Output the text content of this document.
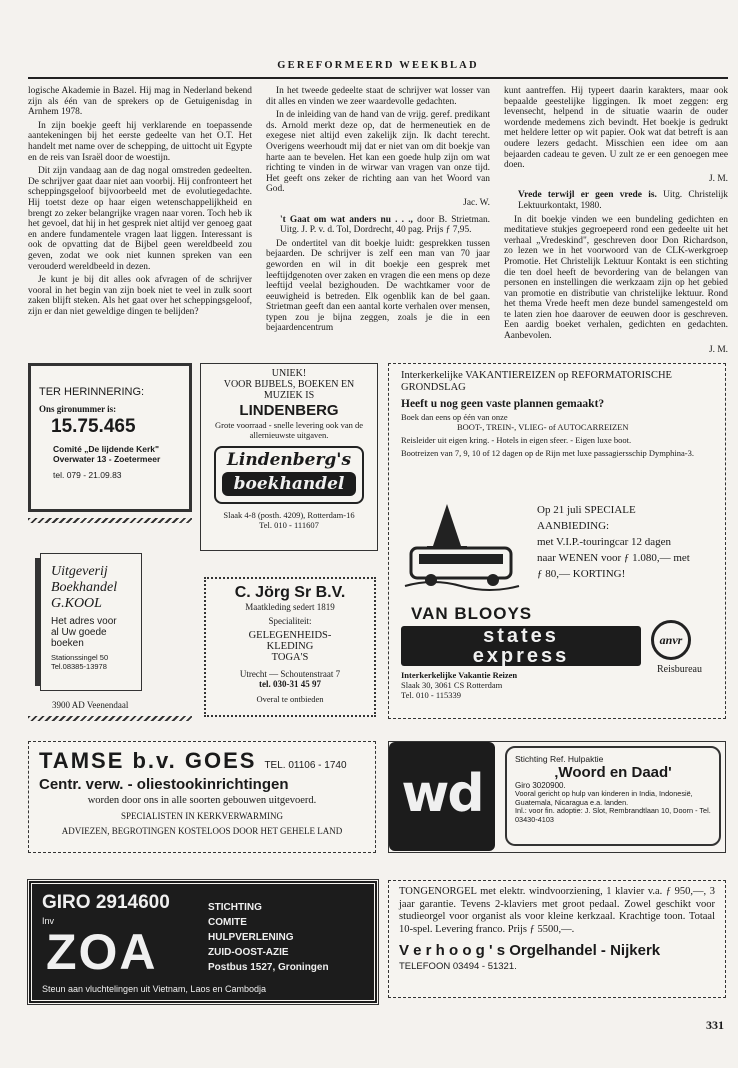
GEREFORMEERD WEEKBLAD

logische Akademie in Bazel. Hij mag in Nederland bekend zijn als één van de sprekers op de Getuigenisdag in Arnhem 1978.

In zijn boekje geeft hij verklarende en toepassende aantekeningen bij het eerste gedeelte van het O.T. Het handelt met name over de schepping, de uittocht uit Egypte en de reis van Israël door de woestijn.

Dit zijn vandaag aan de dag nogal omstreden gedeelten. De schrijver gaat daar niet aan voorbij. Hij confronteert het scheppingsgeloof bijvoorbeeld met de evolutiegedachte. Hij toetst deze op haar eigen wetenschappelijkheid en brengt zo zeker belangrijke vragen naar voren. Toch heb ik het gevoel, dat hij in het gesprek niet altijd ver genoeg gaat en andere fundamentele vragen laat liggen. Interessant is ook de opvatting dat de Bijbel geen wereldbeeld zou geven, zodat we ook niet kunnen spreken van een verouderd wereldbeeld in dezen.

Je kunt je bij dit alles ook afvragen of de schrijver vooral in het begin van zijn boek niet te veel in zulk soort zaken blijft steken. Als het gaat over het scheppingsgeloof, zijn er dan niet geweldige dingen te belijden?

In het tweede gedeelte staat de schrijver wat losser van dit alles en vinden we zeer waardevolle gedachten.

In de inleiding van de hand van de vrijg. geref. predikant ds. Arnold merkt deze op, dat de hermeneutiek en de exegese niet altijd even zakelijk zijn. Ik dacht terecht. Overigens weerhoudt mij dat er niet van om dit boekje van harte aan te bevelen. Het kan een goede hulp zijn om wat richting te vinden in de wirwar van vragen van onze tijd. Het geeft ons zeker de richting aan van het Woord van God.

Jac. W.

't Gaat om wat anders nu . . ., door B. Strietman. Uitg. J. P. v. d. Tol, Dordrecht, 40 pag. Prijs ƒ 7,95.

De ondertitel van dit boekje luidt: gesprekken tussen bejaarden. De schrijver is zelf een man van 70 jaar geworden en wil in dit boekje een gesprek met leeftijdgenoten over zaken en vragen die een mens op deze leeftijd veelal bezighouden. De wachtkamer voor de eeuwigheid is betreden. Elk ogenblik kan de bel gaan. Strietman geeft dan een aantal korte verhalen over mensen, typen zou je bijna zeggen, zoals je die in een bejaardencentrum

kunt aantreffen. Hij typeert daarin karakters, maar ook bepaalde geestelijke liggingen. Ik moet zeggen: erg levensecht, helpend in de situatie waarin de ouder wordende medemens zich bevindt. Het boekje is gedrukt met heldere letter op wit papier. Ook wat dat betreft is aan oudere lezers gedacht. Misschien een idee om aan bejaarden cadeau te geven. U zult ze er een genoegen mee doen.

J. M.

Vrede terwijl er geen vrede is. Uitg. Christelijk Lektuurkontakt, 1980.

In dit boekje vinden we een bundeling gedichten en meditatieve stukjes gegroepeerd rond een gedeelte uit het verhaal „Vredeskind", geschreven door Don Richardson, zo lezen we in het voorwoord van de CLK-werkgroep Promotie. Het Christelijk Lektuur Kontakt is een stichting die ten doel heeft de bevordering van de belangen van personen en instellingen die werkzaam zijn op het gebied van promotie en distributie van christelijke lektuur. Rond het thema Vrede heeft men deze bundel samengesteld om te laten zien hoe daarover de eeuwen door is geschreven. Een aardig boeket verhalen, gedichten en gedachten. Aanbevolen.

J. M.
TER HERINNERING:
Ons gironummer is:
15.75.465
Comité „De lijdende Kerk"
Overwater 13 - Zoetermeer
tel. 079 - 21.09.83
Uitgeverij
Boekhandel
G.KOOL
Het adres voor
al Uw goede boeken
Stationssingel 50
Tel.08385-13978
3900 AD Veenendaal
UNIEK!
VOOR BIJBELS, BOEKEN EN
MUZIEK IS
LINDENBERG
Grote voorraad - snelle levering ook van de allernieuwste uitgaven.
Lindenberg's
boekhandel
Slaak 4-8 (posth. 4209), Rotterdam-16
Tel. 010 - 111607
C. Jörg Sr B.V.
Maatkleding sedert 1819
Specialiteit:
GELEGENHEIDS-
KLEDING
TOGA'S
Utrecht — Schoutenstraat 7
tel. 030-31 45 97
Overal te ontbieden
Interkerkelijke VAKANTIEREIZEN op REFORMATORISCHE
GRONDSLAG
Heeft u nog geen vaste plannen gemaakt?
Boek dan eens op één van onze
BOOT-, TREIN-, VLIEG- of AUTOCARREIZEN
Reisleider uit eigen kring. - Hotels in eigen sfeer. - Eigen luxe boot.
Bootreizen van 7, 9, 10 of 12 dagen op de Rijn met luxe passagiersschip Dymphina-3.
Op 21 juli SPECIALE
AANBIEDING:
met V.I.P.-touringcar 12 dagen
naar WENEN voor ƒ 1.080,— met
ƒ 80,— KORTING!
VAN BLOOYS
states
express
anvr
Reisbureau
Interkerkelijke Vakantie Reizen
Slaak 30, 3061 CS Rotterdam
Tel. 010 - 115339
TAMSE b.v. GOES TEL. 01106 - 1740
Centr. verw. - oliestookinrichtingen
worden door ons in alle soorten gebouwen uitgevoerd.
SPECIALISTEN IN KERKVERWARMING
ADVIEZEN, BEGROTINGEN KOSTELOOS DOOR HET GEHELE LAND
wd
Stichting Ref. Hulpaktie
‚Woord en Daad'
Giro 3020900.
Vooral gericht op hulp van kinderen in India, Indonesië, Guatemala, Nicaragua e.a. landen.
Inl.: voor fin. adoptie: J. Slot, Rembrandtlaan 10, Doorn - Tel. 03430-4103
GIRO 2914600
Inv
ZOA
STICHTING
COMITE
HULPVERLENING
ZUID-OOST-AZIE
Postbus 1527, Groningen
Steun aan vluchtelingen uit Vietnam, Laos en Cambodja
TONGENORGEL met elektr. windvoorziening, 1 klavier v.a. ƒ 950,—, 3 jaar garantie. Tevens 2-klaviers met groot pedaal. Zowel geschikt voor studieorgel voor organist als voor kleine kerkzaal. Krachtige toon. Totaal 10-spel. Levering franco. Prijs ƒ 5500,—.
V e r h o o g ' s Orgelhandel - Nijkerk
TELEFOON 03494 - 51321.
331
